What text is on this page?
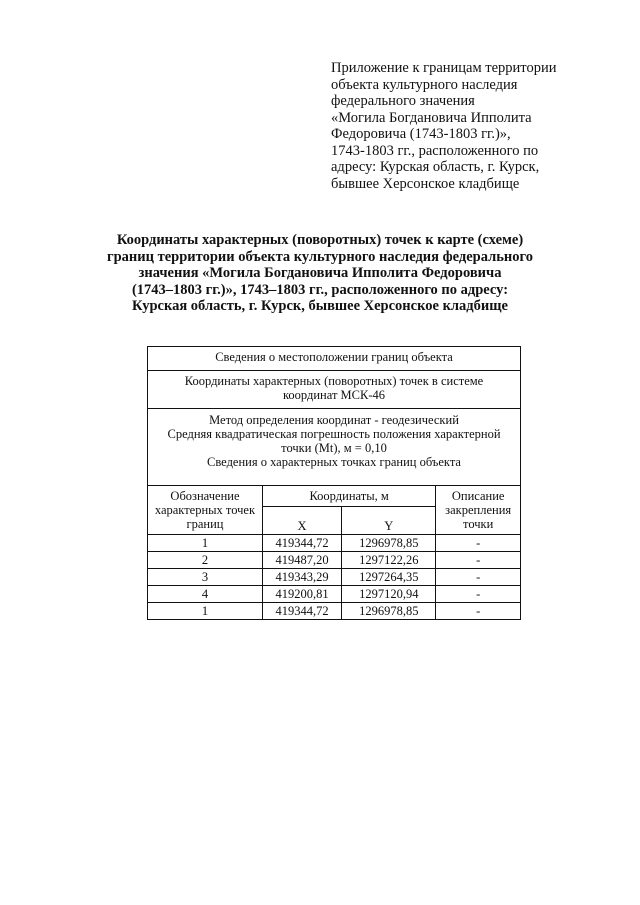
Приложение к границам территории
объекта культурного наследия
федерального значения
«Могила Богдановича Ипполита
Федоровича (1743-1803 гг.)»,
1743-1803 гг., расположенного по
адресу: Курская область, г. Курск,
бывшее Херсонское кладбище
Координаты характерных (поворотных) точек к карте (схеме)
границ территории объекта культурного наследия федерального
значения «Могила Богдановича Ипполита Федоровича
(1743–1803 гг.)», 1743–1803 гг., расположенного по адресу:
Курская область, г. Курск, бывшее Херсонское кладбище
Сведения о местоположении границ объекта			

Координаты характерных (поворотных) точек в системе
координат МСК-46			

Метод определения координат - геодезический
Средняя квадратическая погрешность положения характерной
точки (Mt), м = 0,10
Сведения о характерных точках границ объекта			

Обозначение характерных точек границ	Координаты, м		Описание закрепления точки
	X	Y	
1	419344,72	1296978,85	-
2	419487,20	1297122,26	-
3	419343,29	1297264,35	-
4	419200,81	1297120,94	-
1	419344,72	1296978,85	-
